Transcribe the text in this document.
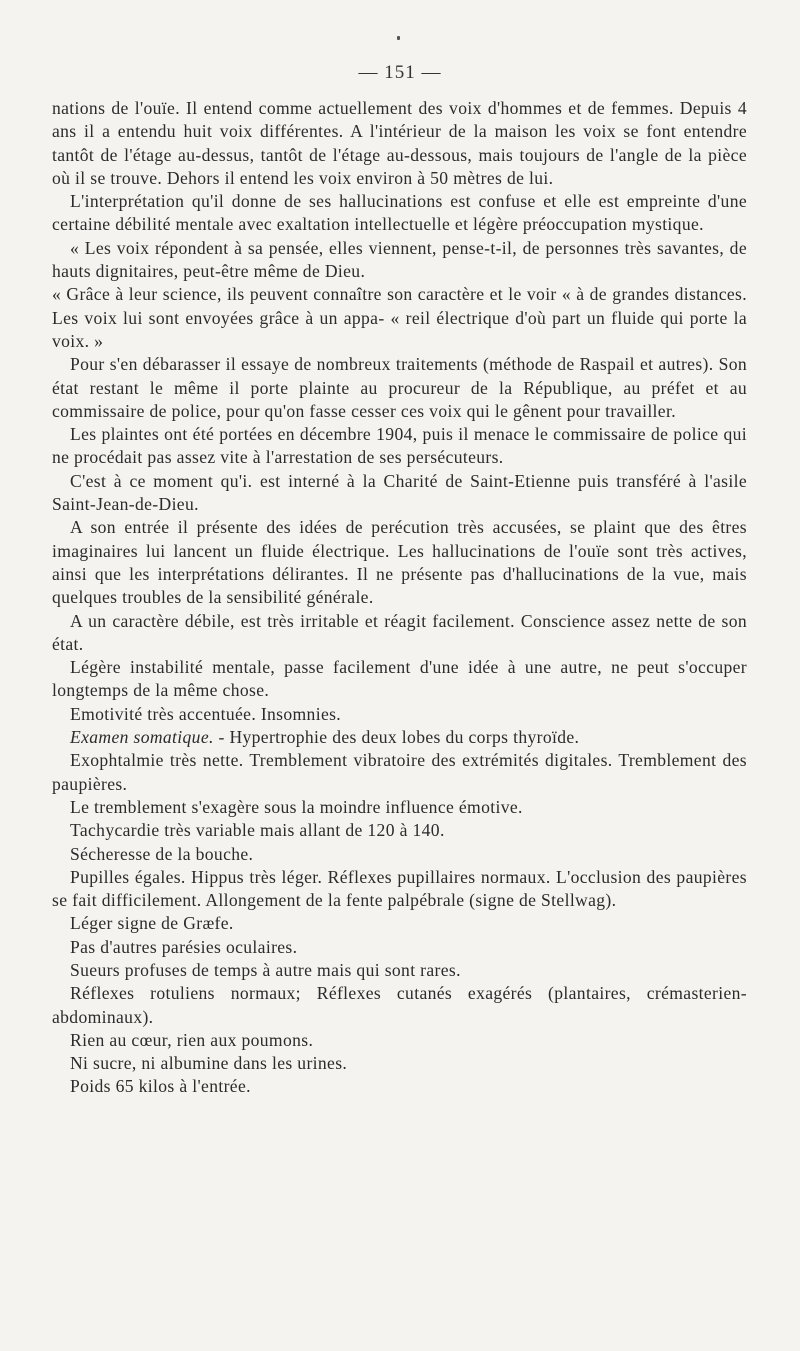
— 151 —

nations de l'ouïe. Il entend comme actuellement des voix d'hommes et de femmes. Depuis 4 ans il a entendu huit voix différentes. A l'intérieur de la maison les voix se font entendre tantôt de l'étage au-dessus, tantôt de l'étage au-dessous, mais toujours de l'angle de la pièce où il se trouve. Dehors il entend les voix environ à 50 mètres de lui.

L'interprétation qu'il donne de ses hallucinations est confuse et elle est empreinte d'une certaine débilité mentale avec exaltation intellectuelle et légère préoccupation mystique.

« Les voix répondent à sa pensée, elles viennent, pense-t-il, de personnes très savantes, de hauts dignitaires, peut-être même de Dieu.

« Grâce à leur science, ils peuvent connaître son caractère et le voir « à de grandes distances. Les voix lui sont envoyées grâce à un appa- « reil électrique d'où part un fluide qui porte la voix. »

Pour s'en débarasser il essaye de nombreux traitements (méthode de Raspail et autres). Son état restant le même il porte plainte au procureur de la République, au préfet et au commissaire de police, pour qu'on fasse cesser ces voix qui le gênent pour travailler.

Les plaintes ont été portées en décembre 1904, puis il menace le commissaire de police qui ne procédait pas assez vite à l'arrestation de ses persécuteurs.

C'est à ce moment qu'i. est interné à la Charité de Saint-Etienne puis transféré à l'asile Saint-Jean-de-Dieu.

A son entrée il présente des idées de perécution très accusées, se plaint que des êtres imaginaires lui lancent un fluide électrique. Les hallucinations de l'ouïe sont très actives, ainsi que les interprétations délirantes. Il ne présente pas d'hallucinations de la vue, mais quelques troubles de la sensibilité générale.

A un caractère débile, est très irritable et réagit facilement. Conscience assez nette de son état.

Légère instabilité mentale, passe facilement d'une idée à une autre, ne peut s'occuper longtemps de la même chose.

Emotivité très accentuée. Insomnies.

Examen somatique. - Hypertrophie des deux lobes du corps thyroïde.

Exophtalmie très nette. Tremblement vibratoire des extrémités digitales. Tremblement des paupières.

Le tremblement s'exagère sous la moindre influence émotive.

Tachycardie très variable mais allant de 120 à 140.

Sécheresse de la bouche.

Pupilles égales. Hippus très léger. Réflexes pupillaires normaux. L'occlusion des paupières se fait difficilement. Allongement de la fente palpébrale (signe de Stellwag).

Léger signe de Græfe.

Pas d'autres parésies oculaires.

Sueurs profuses de temps à autre mais qui sont rares.

Réflexes rotuliens normaux; Réflexes cutanés exagérés (plantaires, crémasterien-abdominaux).

Rien au cœur, rien aux poumons.

Ni sucre, ni albumine dans les urines.

Poids 65 kilos à l'entrée.
